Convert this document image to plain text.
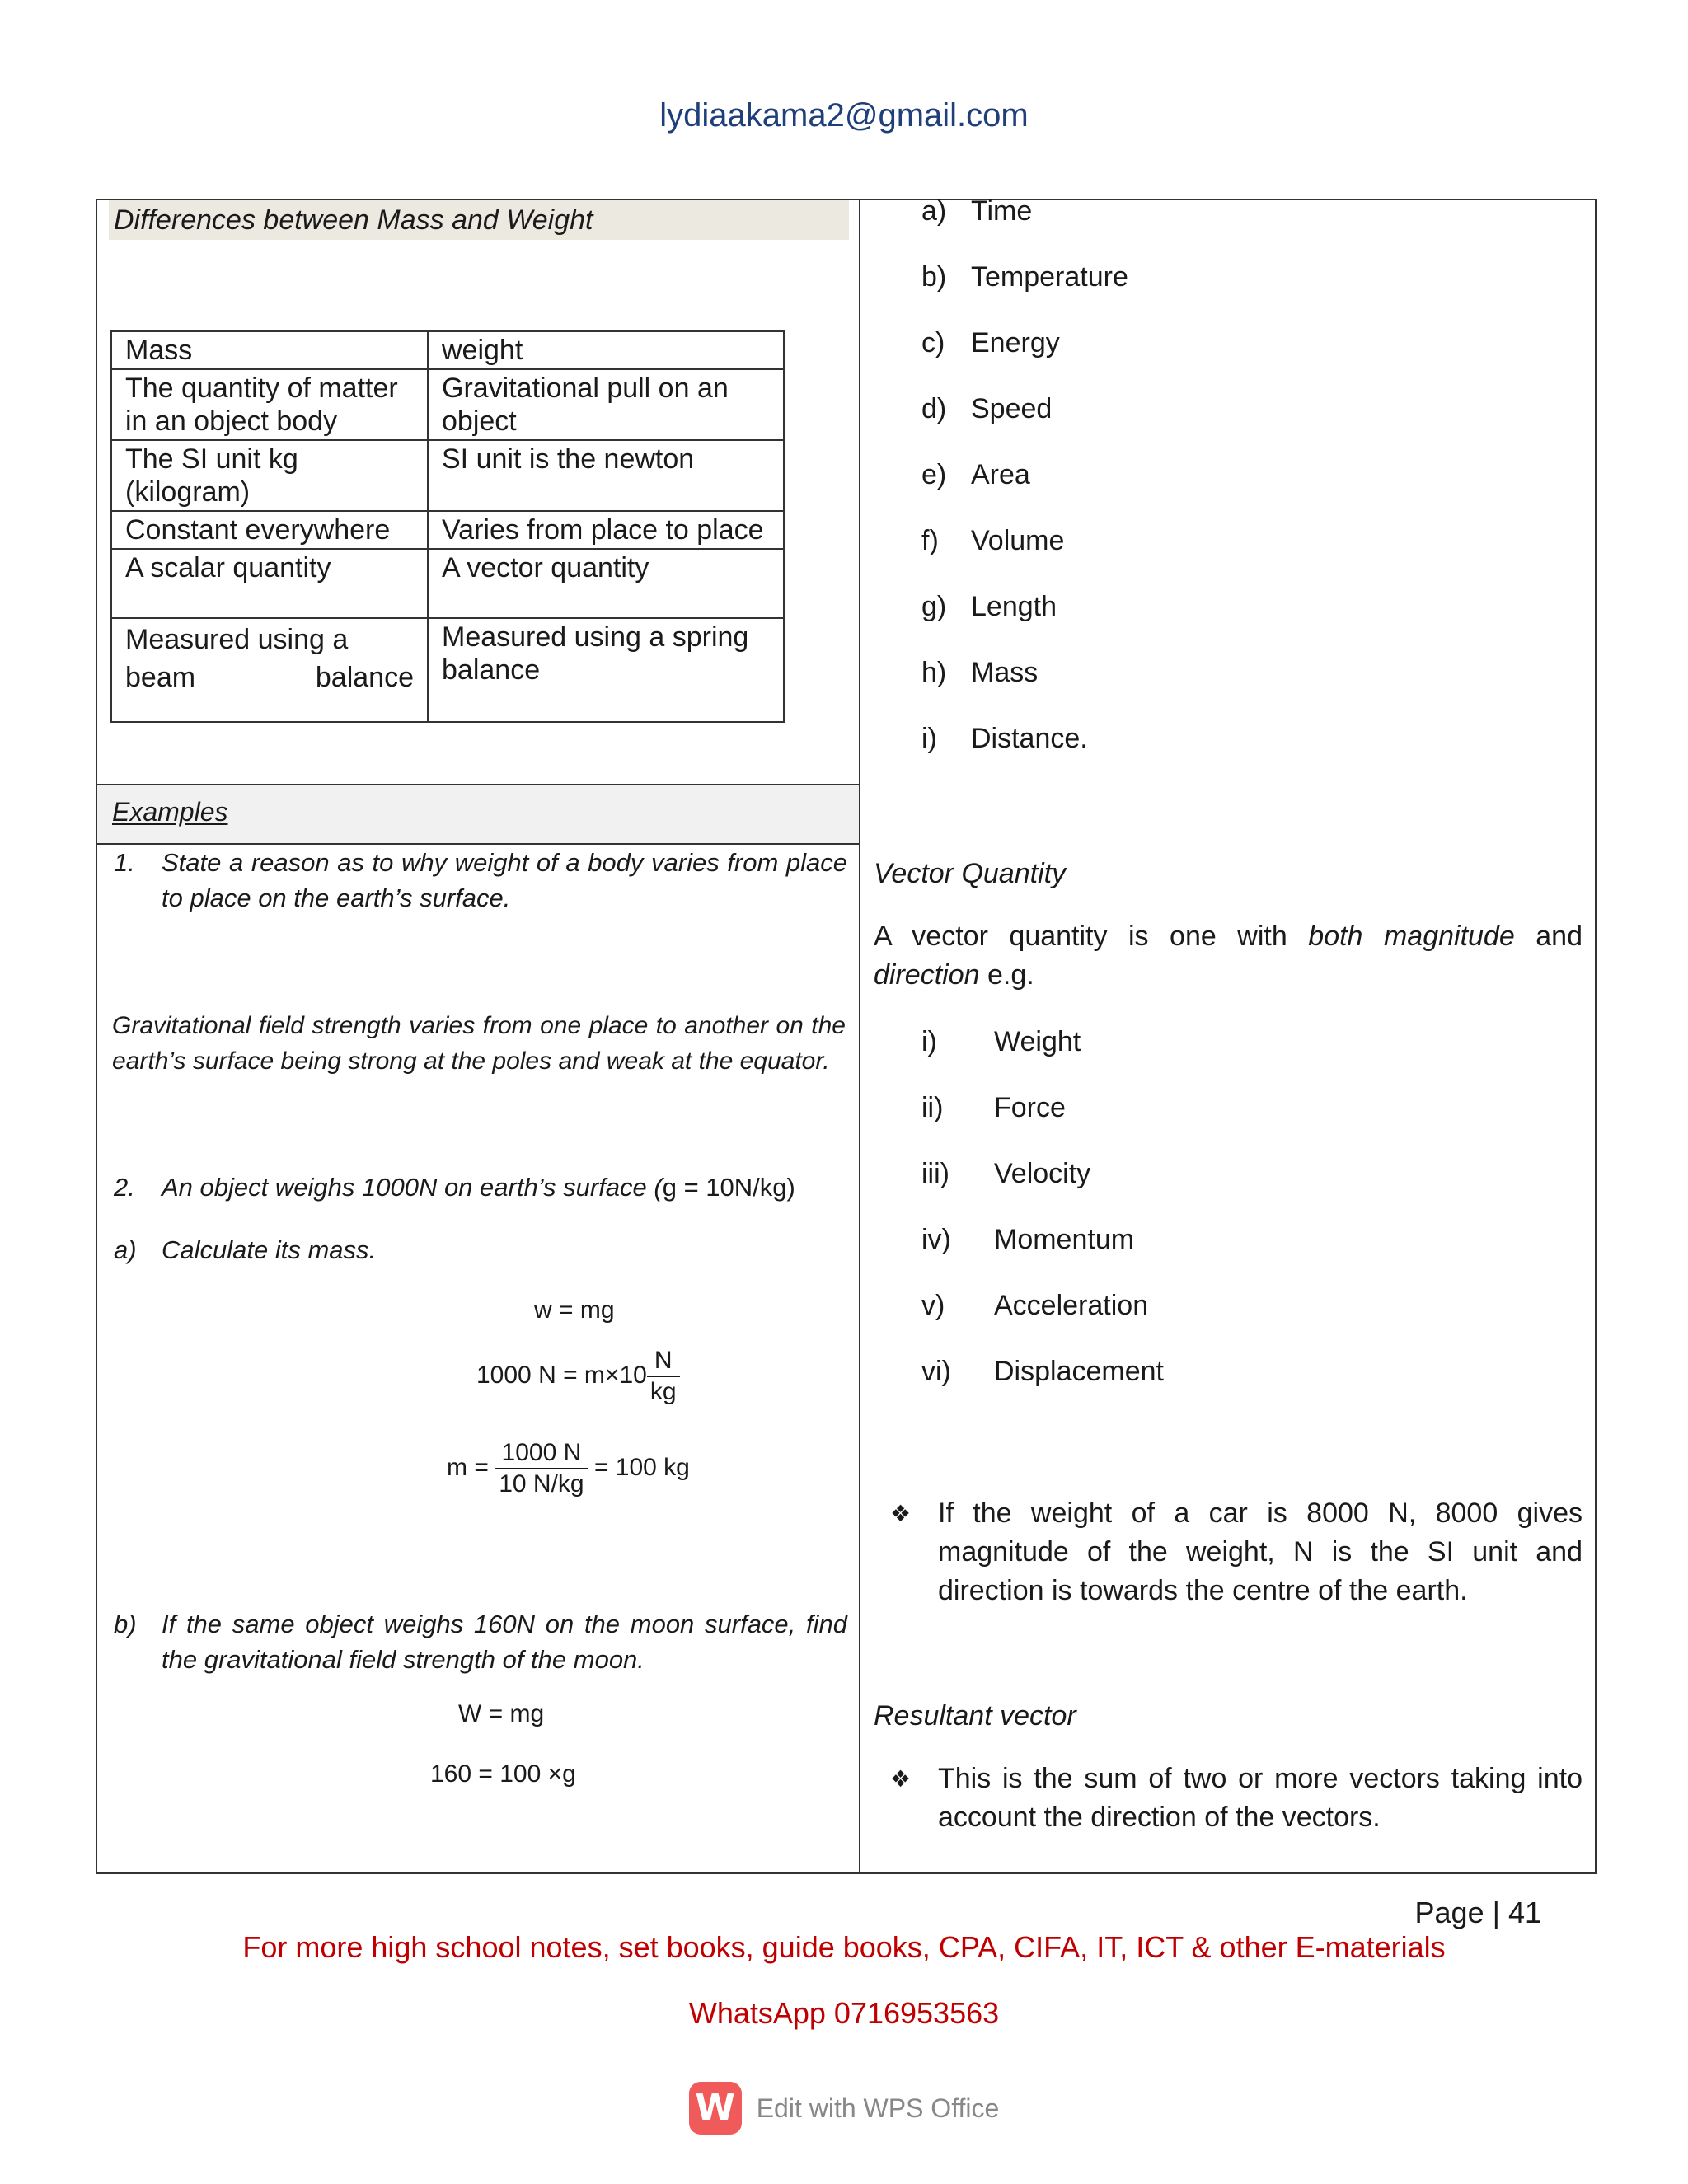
lydiaakama2@gmail.com
Differences between Mass and Weight
Mass	weight
The quantity of matter in an object body	Gravitational pull on an object

The SI unit kg (kilogram)	SI unit is the newton
Constant everywhere	Varies from place to place
A scalar quantity	A vector quantity
Measured using a beam balance	Measured using a spring balance
Examples
1. State a reason as to why weight of a body varies from place to place on the earth’s surface.
Gravitational field strength varies from one place to another on the earth’s surface being strong at the poles and weak at the equator.
2. An object weighs 1000N on earth’s surface (g = 10N/kg)
a) Calculate its mass.
w = mg
1000 $N = m\times 10 \frac{N}{kg}$
$m = \frac{1000 N}{10 N/kg} = 100$ kg
b) If the same object weighs 160N on the moon surface, find the gravitational field strength of the moon.
W = mg
160 = 100 ×g
a) Time
b) Temperature
c) Energy
d) Speed
e) Area
f) Volume
g) Length
h) Mass
i) Distance.
Vector Quantity
A vector quantity is one with both magnitude and direction e.g.
i) Weight
ii) Force
iii) Velocity
iv) Momentum
v) Acceleration
vi) Displacement
❖ If the weight of a car is 8000 N, 8000 gives magnitude of the weight, N is the SI unit and direction is towards the centre of the earth.
Resultant vector
❖ This is the sum of two or more vectors taking into account the direction of the vectors.
Page | 41
For more high school notes, set books, guide books, CPA, CIFA, IT, ICT & other E-materials
WhatsApp 0716953563
W Edit with WPS Office
